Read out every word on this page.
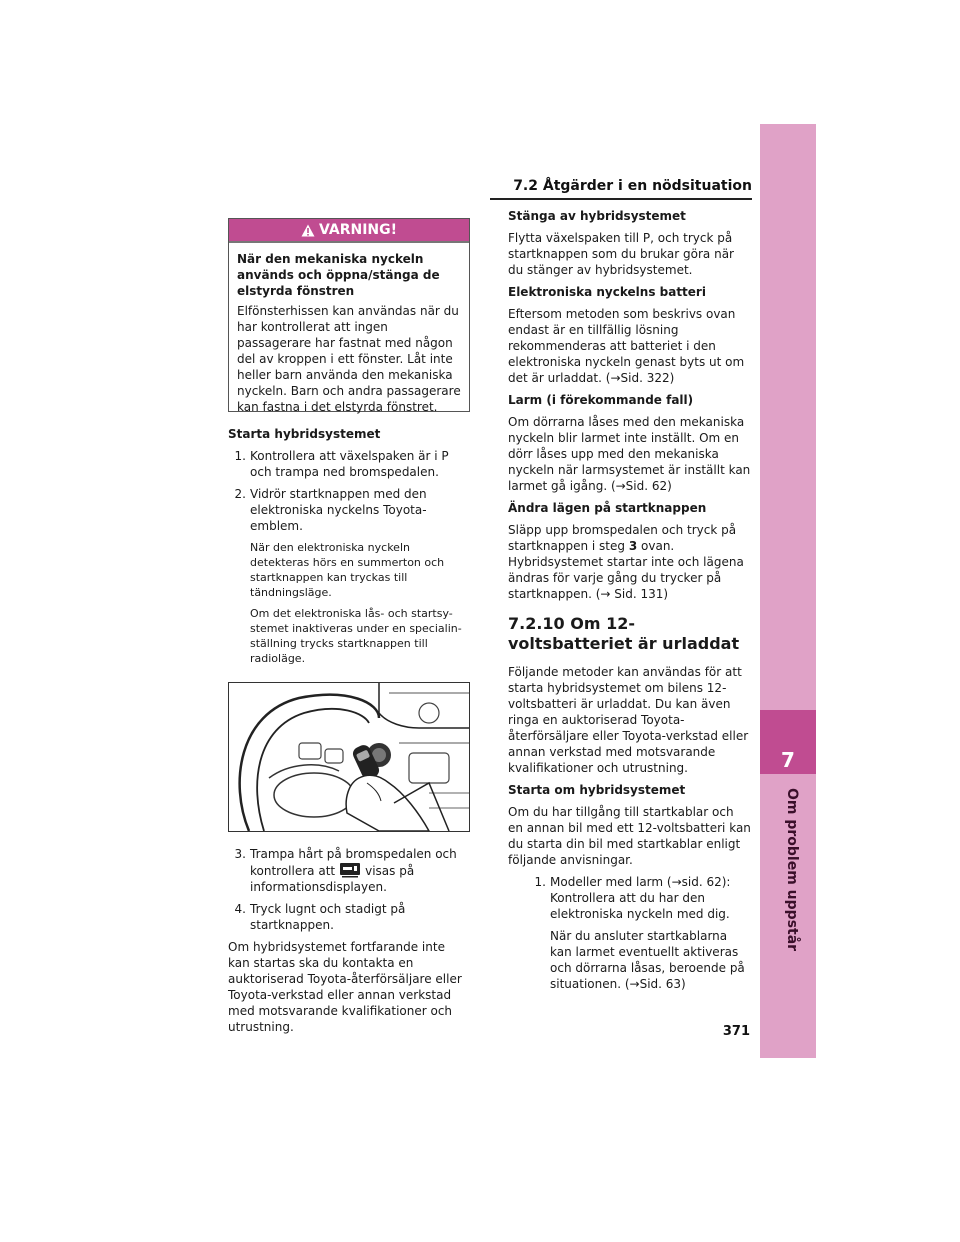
7.2 Åtgärder i en nödsituation
7
Om problem uppstår
VARNING!
När den mekaniska nyckeln används och öppna/stänga de elstyrda fönstren
Elfönsterhissen kan användas när du har kontrollerat att ingen passagerare har fastnat med någon del av kroppen i ett fönster. Låt inte heller barn använda den mekaniska nyckeln. Barn och andra passagerare kan fastna i det elstyrda fönstret.
Starta hybridsystemet
1. Kontrollera att växelspaken är i P och trampa ned bromspedalen.
2. Vidrör startknappen med den elektroniska nyckelns Toyota-emblem.
När den elektroniska nyckeln detekteras hörs en summerton och startknappen kan tryckas till tändningsläge.
Om det elektroniska lås- och startsy-stemet inaktiveras under en specialin-ställning trycks startknappen till radioläge.
3. Trampa hårt på bromspedalen och kontrollera att	visas på informationsdisplayen.
4. Tryck lugnt och stadigt på startknappen.

Om hybridsystemet fortfarande inte kan startas ska du kontakta en auktoriserad Toyota-återförsäljare eller Toyota-verkstad eller annan verkstad med motsvarande kvalifikationer och utrustning.

Stänga av hybridsystemet

Flytta växelspaken till P, och tryck på startknappen som du brukar göra när du stänger av hybridsystemet.

Elektroniska nyckelns batteri

Eftersom metoden som beskrivs ovan endast är en tillfällig lösning rekommenderas att batteriet i den elektroniska nyckeln genast byts ut om det är urladdat. (→Sid. 322)

Larm (i förekommande fall)

Om dörrarna låses med den mekaniska nyckeln blir larmet inte inställt. Om en dörr låses upp med den mekaniska nyckeln när larmsystemet är inställt kan larmet gå igång. (→Sid. 62)

Ändra lägen på startknappen

Släpp upp bromspedalen och tryck på startknappen i steg 3 ovan. Hybridsystemet startar inte och lägena ändras för varje gång du trycker på startknappen. (→ Sid. 131)

7.2.10 Om 12-voltsbatteriet är urladdat

Följande metoder kan användas för att starta hybridsystemet om bilens 12-voltsbatteri är urladdat. Du kan även ringa en auktoriserad Toyota-återförsäljare eller Toyota-verkstad eller annan verkstad med motsvarande kvalifikationer och utrustning.

Starta om hybridsystemet

Om du har tillgång till startkablar och en annan bil med ett 12-voltsbatteri kan du starta din bil med startkablar enligt följande anvisningar.

1. Modeller med larm (→sid. 62): Kontrollera att du har den elektroniska nyckeln med dig.
När du ansluter startkablarna kan larmet eventuellt aktiveras och dörrarna låsas, beroende på situationen. (→Sid. 63)
371
